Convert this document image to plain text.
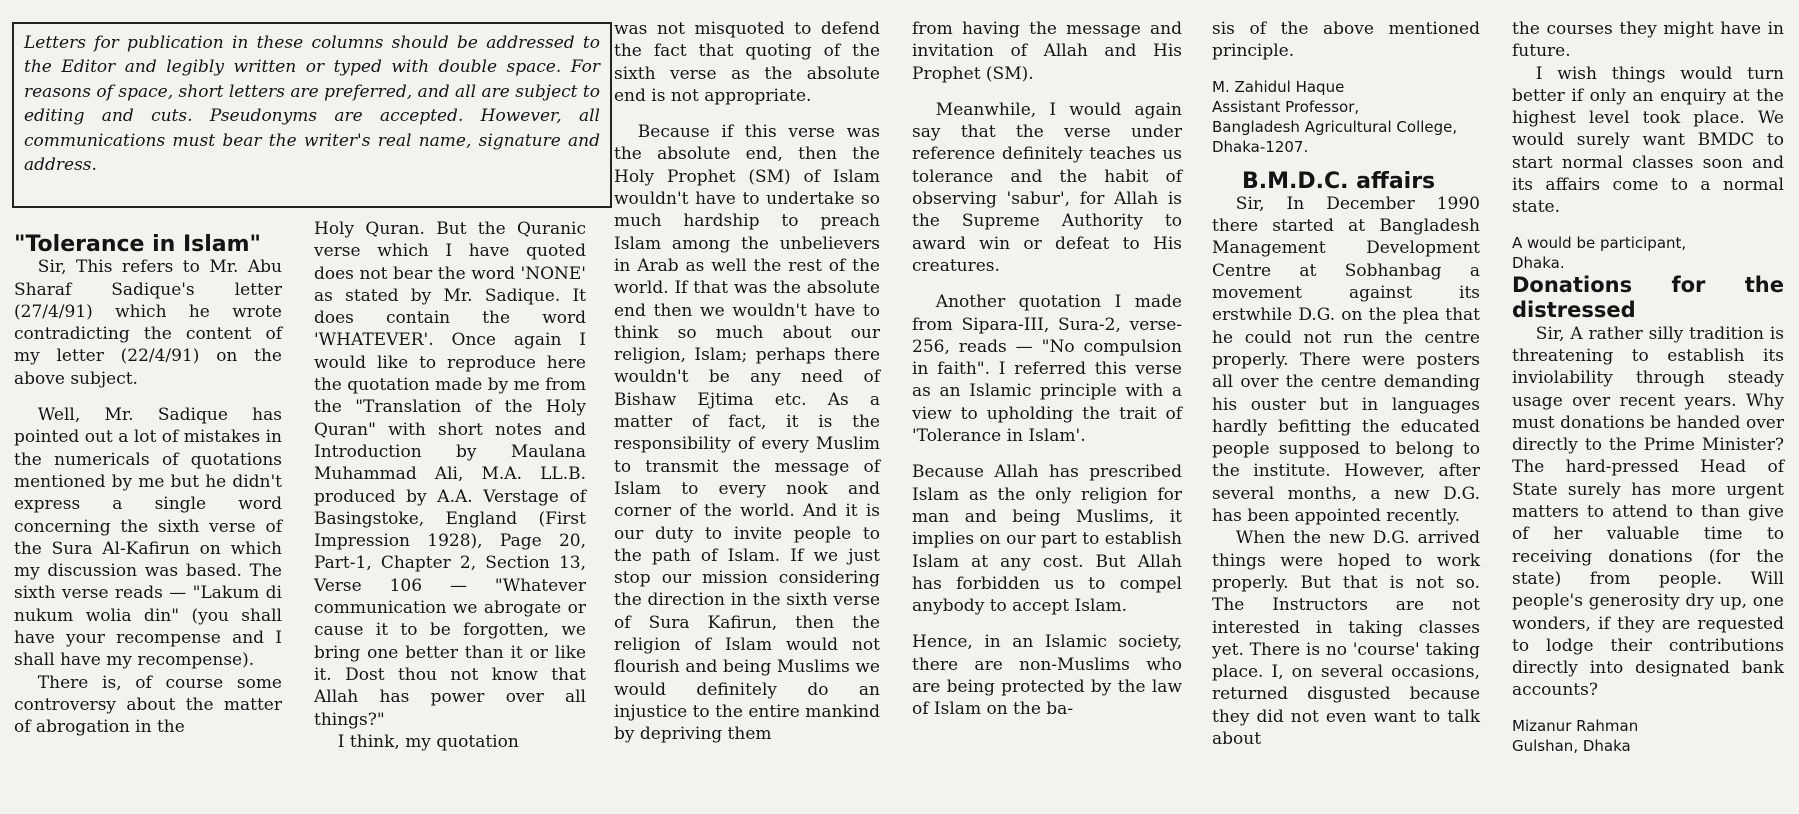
Letters for publication in these columns should be addressed to the Editor and legibly written or typed with double space. For reasons of space, short letters are preferred, and all are subject to editing and cuts. Pseudonyms are accepted. However, all communications must bear the writer's real name, signature and address.

"Tolerance in Islam"

Sir, This refers to Mr. Abu Sharaf Sadique's letter (27/4/91) which he wrote contradicting the content of my letter (22/4/91) on the above subject.

Well, Mr. Sadique has pointed out a lot of mistakes in the numericals of quotations mentioned by me but he didn't express a single word concerning the sixth verse of the Sura Al-Kafirun on which my discussion was based. The sixth verse reads — "Lakum di nukum wolia din" (you shall have your recompense and I shall have my recompense).

There is, of course some controversy about the matter of abrogation in the

Holy Quran. But the Quranic verse which I have quoted does not bear the word 'NONE' as stated by Mr. Sadique. It does contain the word 'WHATEVER'. Once again I would like to reproduce here the quotation made by me from the "Translation of the Holy Quran" with short notes and Introduction by Maulana Muhammad Ali, M.A. LL.B. produced by A.A. Verstage of Basingstoke, England (First Impression 1928), Page 20, Part-1, Chapter 2, Section 13, Verse 106 — "Whatever communication we abrogate or cause it to be forgotten, we bring one better than it or like it. Dost thou not know that Allah has power over all things?"

I think, my quotation

was not misquoted to defend the fact that quoting of the sixth verse as the absolute end is not appropriate.

Because if this verse was the absolute end, then the Holy Prophet (SM) of Islam wouldn't have to undertake so much hardship to preach Islam among the unbelievers in Arab as well the rest of the world. If that was the absolute end then we wouldn't have to think so much about our religion, Islam; perhaps there wouldn't be any need of Bishaw Ejtima etc. As a matter of fact, it is the responsibility of every Muslim to transmit the message of Islam to every nook and corner of the world. And it is our duty to invite people to the path of Islam. If we just stop our mission considering the direction in the sixth verse of Sura Kafirun, then the religion of Islam would not flourish and being Muslims we would definitely do an injustice to the entire mankind by depriving them

from having the message and invitation of Allah and His Prophet (SM).

Meanwhile, I would again say that the verse under reference definitely teaches us tolerance and the habit of observing 'sabur', for Allah is the Supreme Authority to award win or defeat to His creatures.

Another quotation I made from Sipara-III, Sura-2, verse-256, reads — "No compulsion in faith". I referred this verse as an Islamic principle with a view to upholding the trait of 'Tolerance in Islam'.

Because Allah has prescribed Islam as the only religion for man and being Muslims, it implies on our part to establish Islam at any cost. But Allah has forbidden us to compel anybody to accept Islam.

Hence, in an Islamic society, there are non-Muslims who are being protected by the law of Islam on the ba-

sis of the above mentioned principle.

M. Zahidul Haque
Assistant Professor,
Bangladesh Agricultural College, Dhaka-1207.

B.M.D.C. affairs

Sir, In December 1990 there started at Bangladesh Management Development Centre at Sobhanbag a movement against its erstwhile D.G. on the plea that he could not run the centre properly. There were posters all over the centre demanding his ouster but in languages hardly befitting the educated people supposed to belong to the institute. However, after several months, a new D.G. has been appointed recently.

When the new D.G. arrived things were hoped to work properly. But that is not so. The Instructors are not interested in taking classes yet. There is no 'course' taking place. I, on several occasions, returned disgusted because they did not even want to talk about

the courses they might have in future.

I wish things would turn better if only an enquiry at the highest level took place. We would surely want BMDC to start normal classes soon and its affairs come to a normal state.

A would be participant,
Dhaka.

Donations for the distressed

Sir, A rather silly tradition is threatening to establish its inviolability through steady usage over recent years. Why must donations be handed over directly to the Prime Minister? The hard-pressed Head of State surely has more urgent matters to attend to than give of her valuable time to receiving donations (for the state) from people. Will people's generosity dry up, one wonders, if they are requested to lodge their contributions directly into designated bank accounts?

Mizanur Rahman
Gulshan, Dhaka
